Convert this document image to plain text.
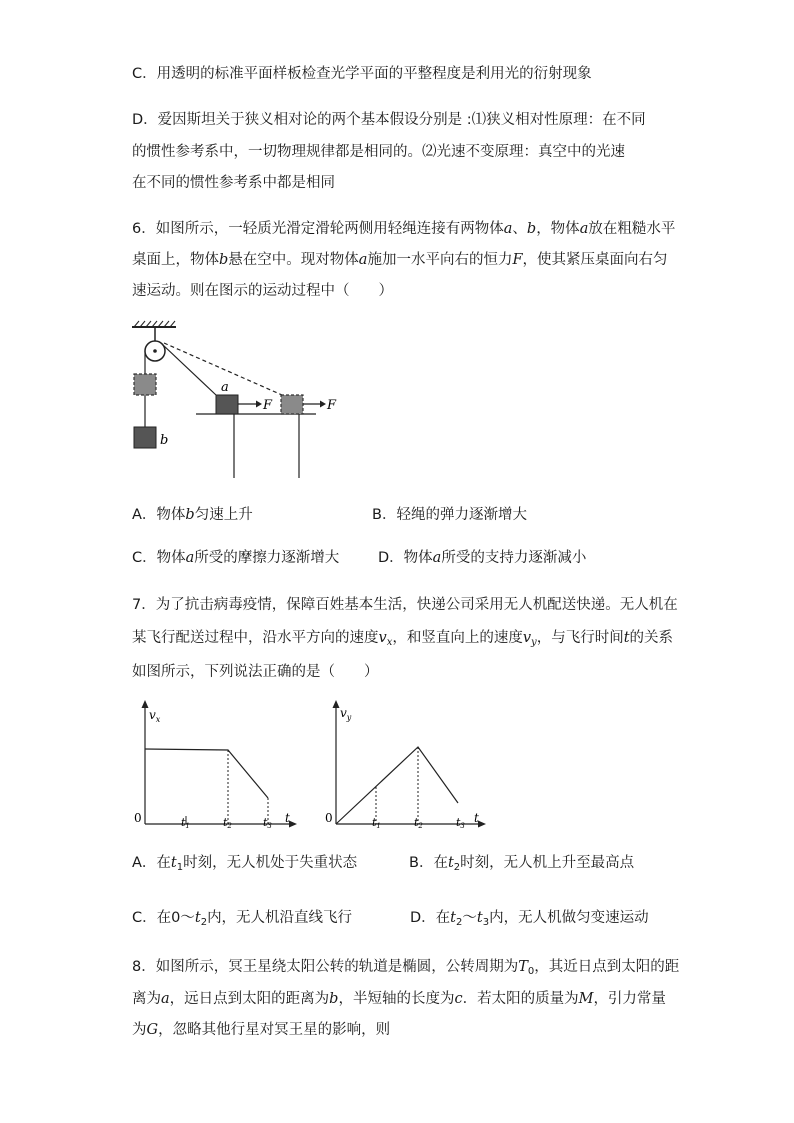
C．用透明的标准平面样板检查光学平面的平整程度是利用光的衍射现象
D．爱因斯坦关于狭义相对论的两个基本假设分别是 :⑴狭义相对性原理：在不同
的惯性参考系中，一切物理规律都是相同的。⑵光速不变原理：真空中的光速
在不同的惯性参考系中都是相同
6．如图所示，一轻质光滑定滑轮两侧用轻绳连接有两物体a、b，物体a放在粗糙水平
桌面上，物体b悬在空中。现对物体a施加一水平向右的恒力F，使其紧压桌面向右匀
速运动。则在图示的运动过程中（　　）
b
a
F	F
A．物体b匀速上升	B．轻绳的弹力逐渐增大
C．物体a所受的摩擦力逐渐增大	D．物体a所受的支持力逐渐减小
7．为了抗击病毒疫情，保障百姓基本生活，快递公司采用无人机配送快递。无人机在
某飞行配送过程中，沿水平方向的速度$v_x$，和竖直向上的速度$v_y$，与飞行时间t的关系
如图所示，下列说法正确的是（　　）
$v_x$
0	t1	t2	t3
t
$v_y$
0	t1	t2	t3
t
A．在$t_1$时刻，无人机处于失重状态	B．在$t_2$时刻，无人机上升至最高点
C．在$0\sim t_2$内，无人机沿直线飞行	D．在$t_2\sim t_3$内，无人机做匀变速运动
8．如图所示，冥王星绕太阳公转的轨道是椭圆，公转周期为$T_0$，其近日点到太阳的距
离为a，远日点到太阳的距离为b，半短轴的长度为c．若太阳的质量为M，引力常量
为G，忽略其他行星对冥王星的影响，则
